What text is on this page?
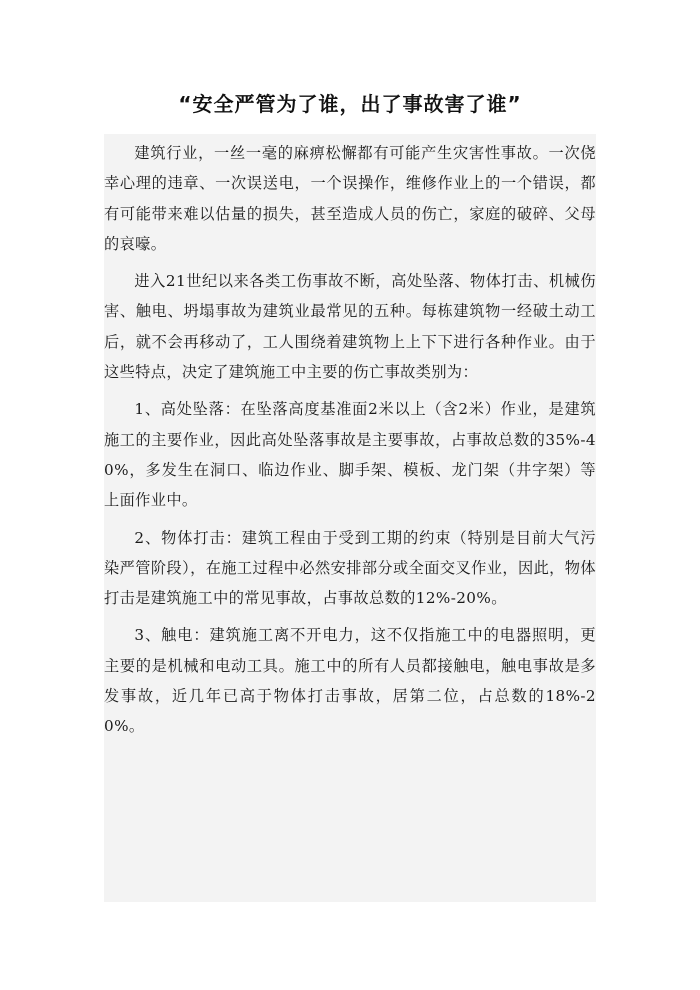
“安全严管为了谁，出了事故害了谁”

建筑行业，一丝一毫的麻痹松懈都有可能产生灾害性事故。一次侥幸心理的违章、一次误送电，一个误操作，维修作业上的一个错误，都有可能带来难以估量的损失，甚至造成人员的伤亡，家庭的破碎、父母的哀嚎。

进入21世纪以来各类工伤事故不断，高处坠落、物体打击、机械伤害、触电、坍塌事故为建筑业最常见的五种。每栋建筑物一经破土动工后，就不会再移动了，工人围绕着建筑物上上下下进行各种作业。由于这些特点，决定了建筑施工中主要的伤亡事故类别为：

1、高处坠落：在坠落高度基准面2米以上（含2米）作业，是建筑施工的主要作业，因此高处坠落事故是主要事故，占事故总数的35%-40%，多发生在洞口、临边作业、脚手架、模板、龙门架（井字架）等上面作业中。

2、物体打击：建筑工程由于受到工期的约束（特别是目前大气污染严管阶段），在施工过程中必然安排部分或全面交叉作业，因此，物体打击是建筑施工中的常见事故，占事故总数的12%-20%。

3、触电：建筑施工离不开电力，这不仅指施工中的电器照明，更主要的是机械和电动工具。施工中的所有人员都接触电，触电事故是多发事故，近几年已高于物体打击事故，居第二位，占总数的18%-20%。
